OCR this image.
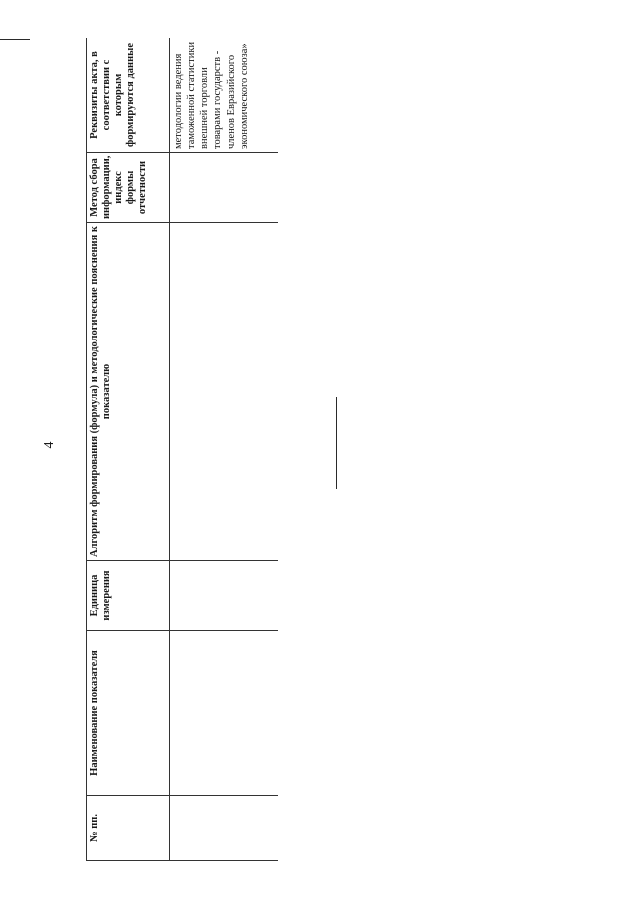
4
№ пп.	Наименование показателя	Единица измерения	Алгоритм формирования (формула) и методологические пояснения к показателю	Метод сбора информации, индекс формы отчетности	Реквизиты акта, в соответствии с которым формируются данные
					методологии ведения таможенной статистики внешней торговли товарами государств - членов Евразийского экономического союза»
